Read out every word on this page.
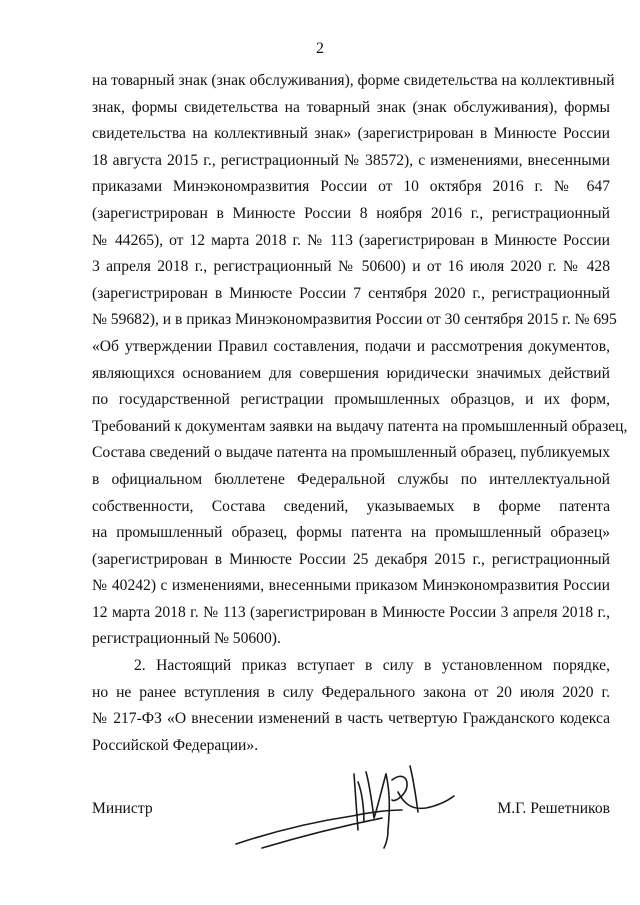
2
на товарный знак (знак обслуживания), форме свидетельства на коллективный
знак, формы свидетельства на товарный знак (знак обслуживания), формы
свидетельства на коллективный знак» (зарегистрирован в Минюсте России
18 августа 2015 г., регистрационный № 38572), с изменениями, внесенными
приказами Минэкономразвития России от 10 октября 2016 г. № 647
(зарегистрирован в Минюсте России 8 ноября 2016 г., регистрационный
№ 44265), от 12 марта 2018 г. № 113 (зарегистрирован в Минюсте России
3 апреля 2018 г., регистрационный № 50600) и от 16 июля 2020 г. № 428
(зарегистрирован в Минюсте России 7 сентября 2020 г., регистрационный
№ 59682), и в приказ Минэкономразвития России от 30 сентября 2015 г. № 695
«Об утверждении Правил составления, подачи и рассмотрения документов,
являющихся основанием для совершения юридически значимых действий
по государственной регистрации промышленных образцов, и их форм,
Требований к документам заявки на выдачу патента на промышленный образец,
Состава сведений о выдаче патента на промышленный образец, публикуемых
в официальном бюллетене Федеральной службы по интеллектуальной
собственности, Состава сведений, указываемых в форме патента
на промышленный образец, формы патента на промышленный образец»
(зарегистрирован в Минюсте России 25 декабря 2015 г., регистрационный
№ 40242) с изменениями, внесенными приказом Минэкономразвития России
12 марта 2018 г. № 113 (зарегистрирован в Минюсте России 3 апреля 2018 г.,
регистрационный № 50600).
2. Настоящий приказ вступает в силу в установленном порядке,
но не ранее вступления в силу Федерального закона от 20 июля 2020 г.
№ 217-ФЗ «О внесении изменений в часть четвертую Гражданского кодекса
Российской Федерации».
Министр	М.Г. Решетников
